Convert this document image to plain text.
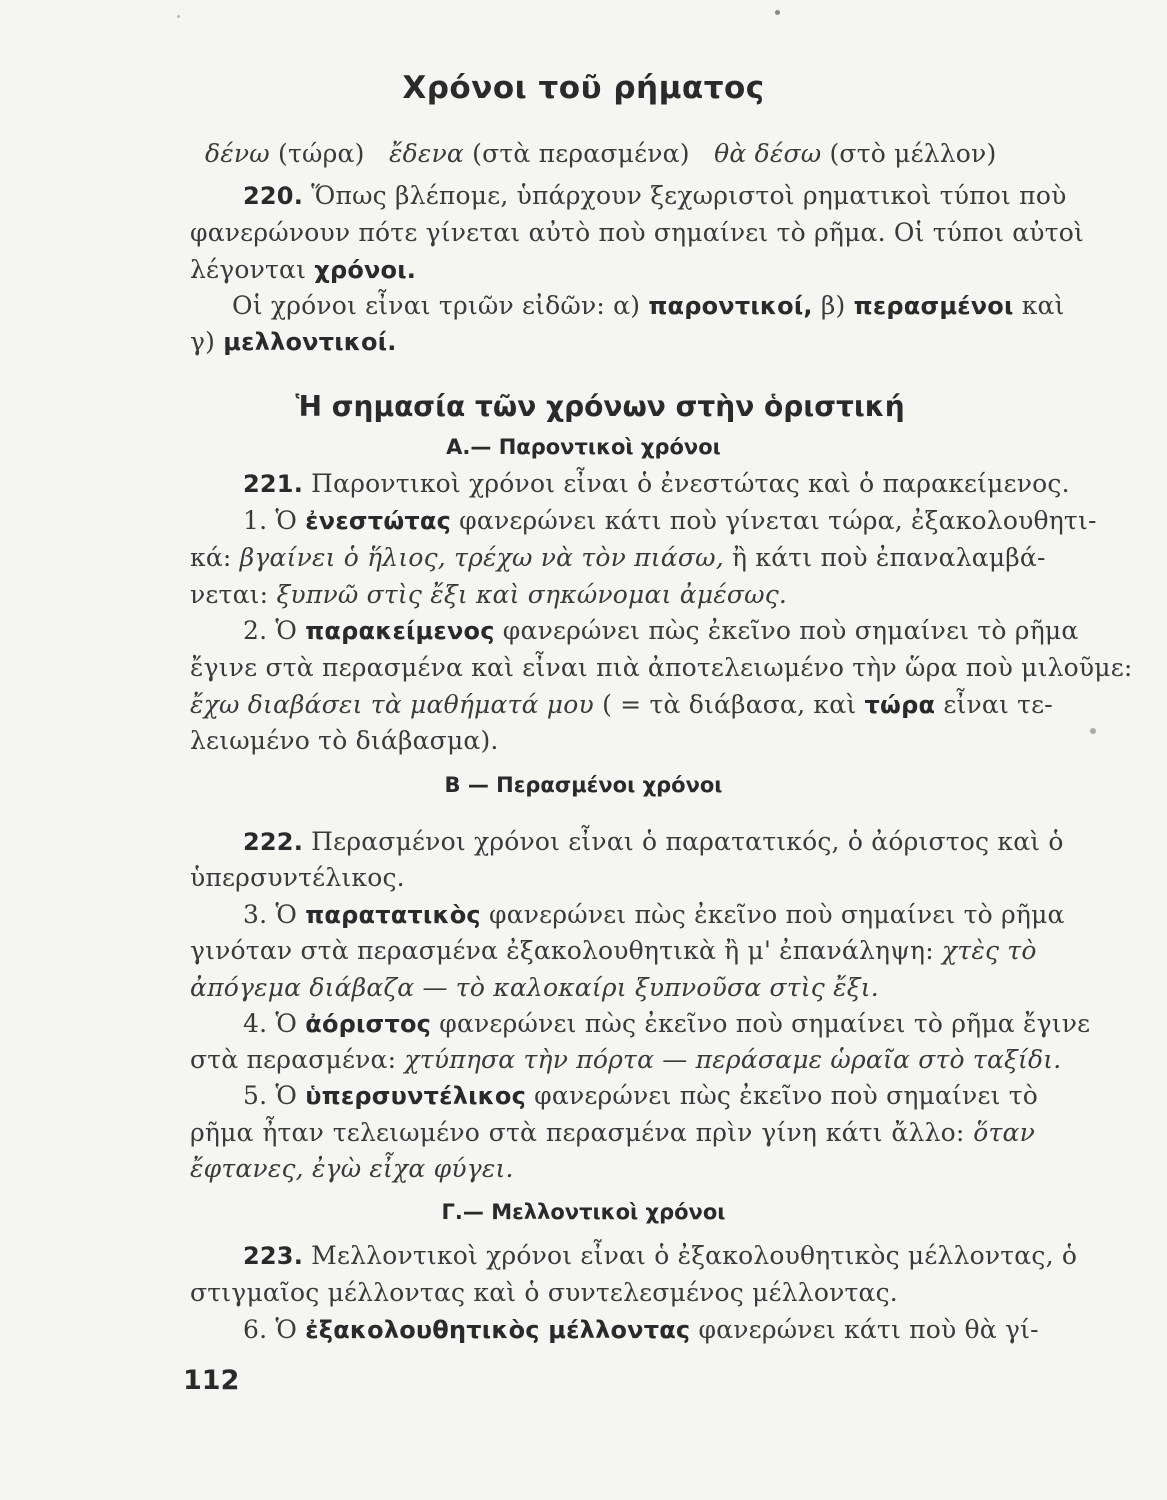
Χρόνοι τοῦ ρήματος
δένω (τώρα) ἔδενα (στὰ περασμένα) θὰ δέσω (στὸ μέλλον)
220. Ὅπως βλέπομε, ὑπάρχουν ξεχωριστοὶ ρηματικοὶ τύποι ποὺ
φανερώνουν πότε γίνεται αὐτὸ ποὺ σημαίνει τὸ ρῆμα. Οἱ τύποι αὐτοὶ
λέγονται χρόνοι.
Οἱ χρόνοι εἶναι τριῶν εἰδῶν: α) παροντικοί, β) περασμένοι καὶ
γ) μελλοντικοί.
Ἡ σημασία τῶν χρόνων στὴν ὁριστική
Α.— Παροντικοὶ χρόνοι
221. Παροντικοὶ χρόνοι εἶναι ὁ ἐνεστώτας καὶ ὁ παρακείμενος.
1. Ὁ ἐνεστώτας φανερώνει κάτι ποὺ γίνεται τώρα, ἐξακολουθητι-
κά: βγαίνει ὁ ἥλιος, τρέχω νὰ τὸν πιάσω, ἢ κάτι ποὺ ἐπαναλαμβά-
νεται: ξυπνῶ στὶς ἔξι καὶ σηκώνομαι ἀμέσως.
2. Ὁ παρακείμενος φανερώνει πὼς ἐκεῖνο ποὺ σημαίνει τὸ ρῆμα
ἔγινε στὰ περασμένα καὶ εἶναι πιὰ ἀποτελειωμένο τὴν ὥρα ποὺ μιλοῦμε:
ἔχω διαβάσει τὰ μαθήματά μου ( = τὰ διάβασα, καὶ τώρα εἶναι τε-
λειωμένο τὸ διάβασμα).
Β — Περασμένοι χρόνοι
222. Περασμένοι χρόνοι εἶναι ὁ παρατατικός, ὁ ἀόριστος καὶ ὁ
ὑπερσυντέλικος.
3. Ὁ παρατατικὸς φανερώνει πὼς ἐκεῖνο ποὺ σημαίνει τὸ ρῆμα
γινόταν στὰ περασμένα ἐξακολουθητικὰ ἢ μ' ἐπανάληψη: χτὲς τὸ
ἀπόγεμα διάβαζα — τὸ καλοκαίρι ξυπνοῦσα στὶς ἔξι.
4. Ὁ ἀόριστος φανερώνει πὼς ἐκεῖνο ποὺ σημαίνει τὸ ρῆμα ἔγινε
στὰ περασμένα: χτύπησα τὴν πόρτα — περάσαμε ὡραῖα στὸ ταξίδι.
5. Ὁ ὑπερσυντέλικος φανερώνει πὼς ἐκεῖνο ποὺ σημαίνει τὸ
ρῆμα ἦταν τελειωμένο στὰ περασμένα πρὶν γίνη κάτι ἄλλο: ὅταν
ἔφτανες, ἐγὼ εἶχα φύγει.
Γ.— Μελλοντικοὶ χρόνοι
223. Μελλοντικοὶ χρόνοι εἶναι ὁ ἐξακολουθητικὸς μέλλοντας, ὁ
στιγμαῖος μέλλοντας καὶ ὁ συντελεσμένος μέλλοντας.
6. Ὁ ἐξακολουθητικὸς μέλλοντας φανερώνει κάτι ποὺ θὰ γί-
112
